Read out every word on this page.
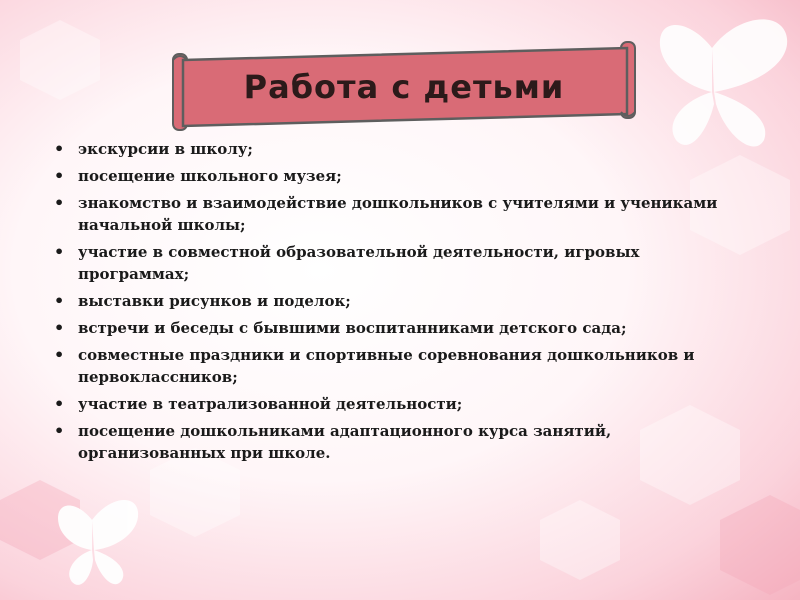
Работа с детьми
• экскурсии в школу;
• посещение школьного музея;
• знакомство и взаимодействие дошкольников с учителями и учениками начальной школы;
• участие в совместной образовательной деятельности, игровых программах;
• выставки рисунков и поделок;
• встречи и беседы с бывшими воспитанниками детского сада;
• совместные праздники и спортивные соревнования дошкольников и первоклассников;
• участие в театрализованной деятельности;
• посещение дошкольниками адаптационного курса занятий, организованных при школе.
